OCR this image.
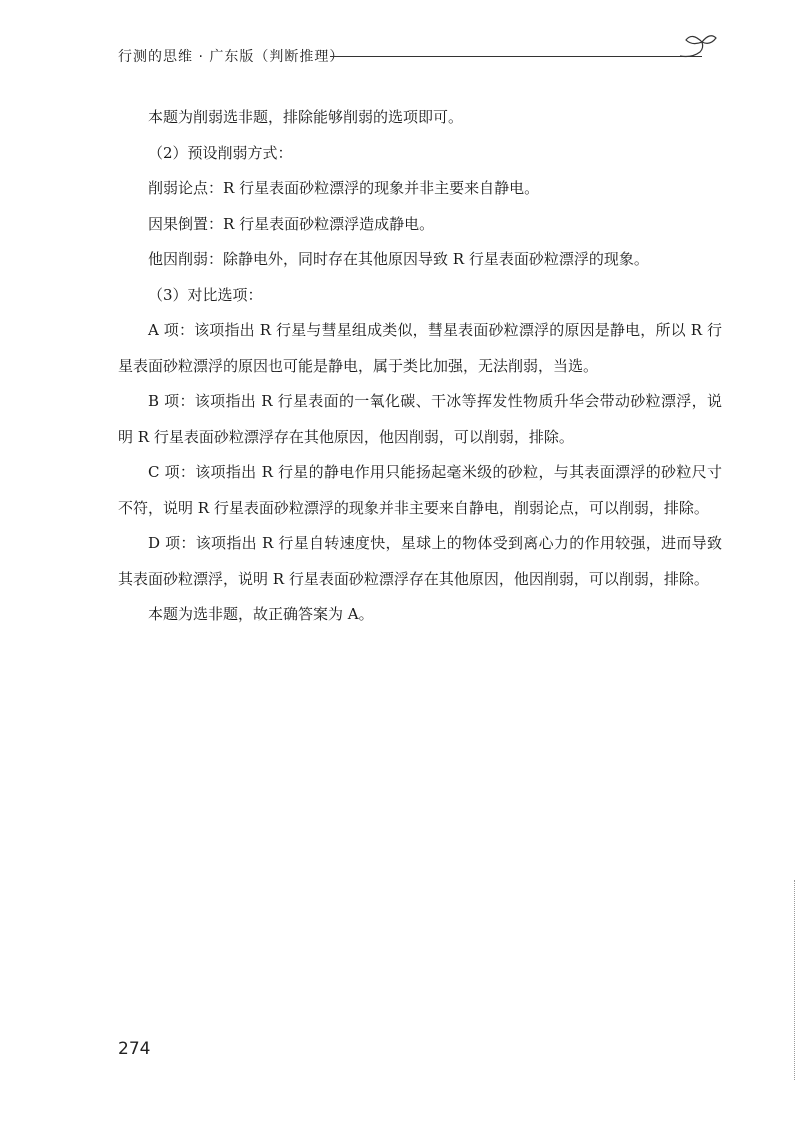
行测的思维 · 广东版（判断推理）

本题为削弱选非题，排除能够削弱的选项即可。

（2）预设削弱方式：

削弱论点：R 行星表面砂粒漂浮的现象并非主要来自静电。

因果倒置：R 行星表面砂粒漂浮造成静电。

他因削弱：除静电外，同时存在其他原因导致 R 行星表面砂粒漂浮的现象。

（3）对比选项：

A 项：该项指出 R 行星与彗星组成类似，彗星表面砂粒漂浮的原因是静电，所以 R 行星表面砂粒漂浮的原因也可能是静电，属于类比加强，无法削弱，当选。

B 项：该项指出 R 行星表面的一氧化碳、干冰等挥发性物质升华会带动砂粒漂浮，说明 R 行星表面砂粒漂浮存在其他原因，他因削弱，可以削弱，排除。

C 项：该项指出 R 行星的静电作用只能扬起毫米级的砂粒，与其表面漂浮的砂粒尺寸不符，说明 R 行星表面砂粒漂浮的现象并非主要来自静电，削弱论点，可以削弱，排除。

D 项：该项指出 R 行星自转速度快，星球上的物体受到离心力的作用较强，进而导致其表面砂粒漂浮，说明 R 行星表面砂粒漂浮存在其他原因，他因削弱，可以削弱，排除。

本题为选非题，故正确答案为 A。

274
